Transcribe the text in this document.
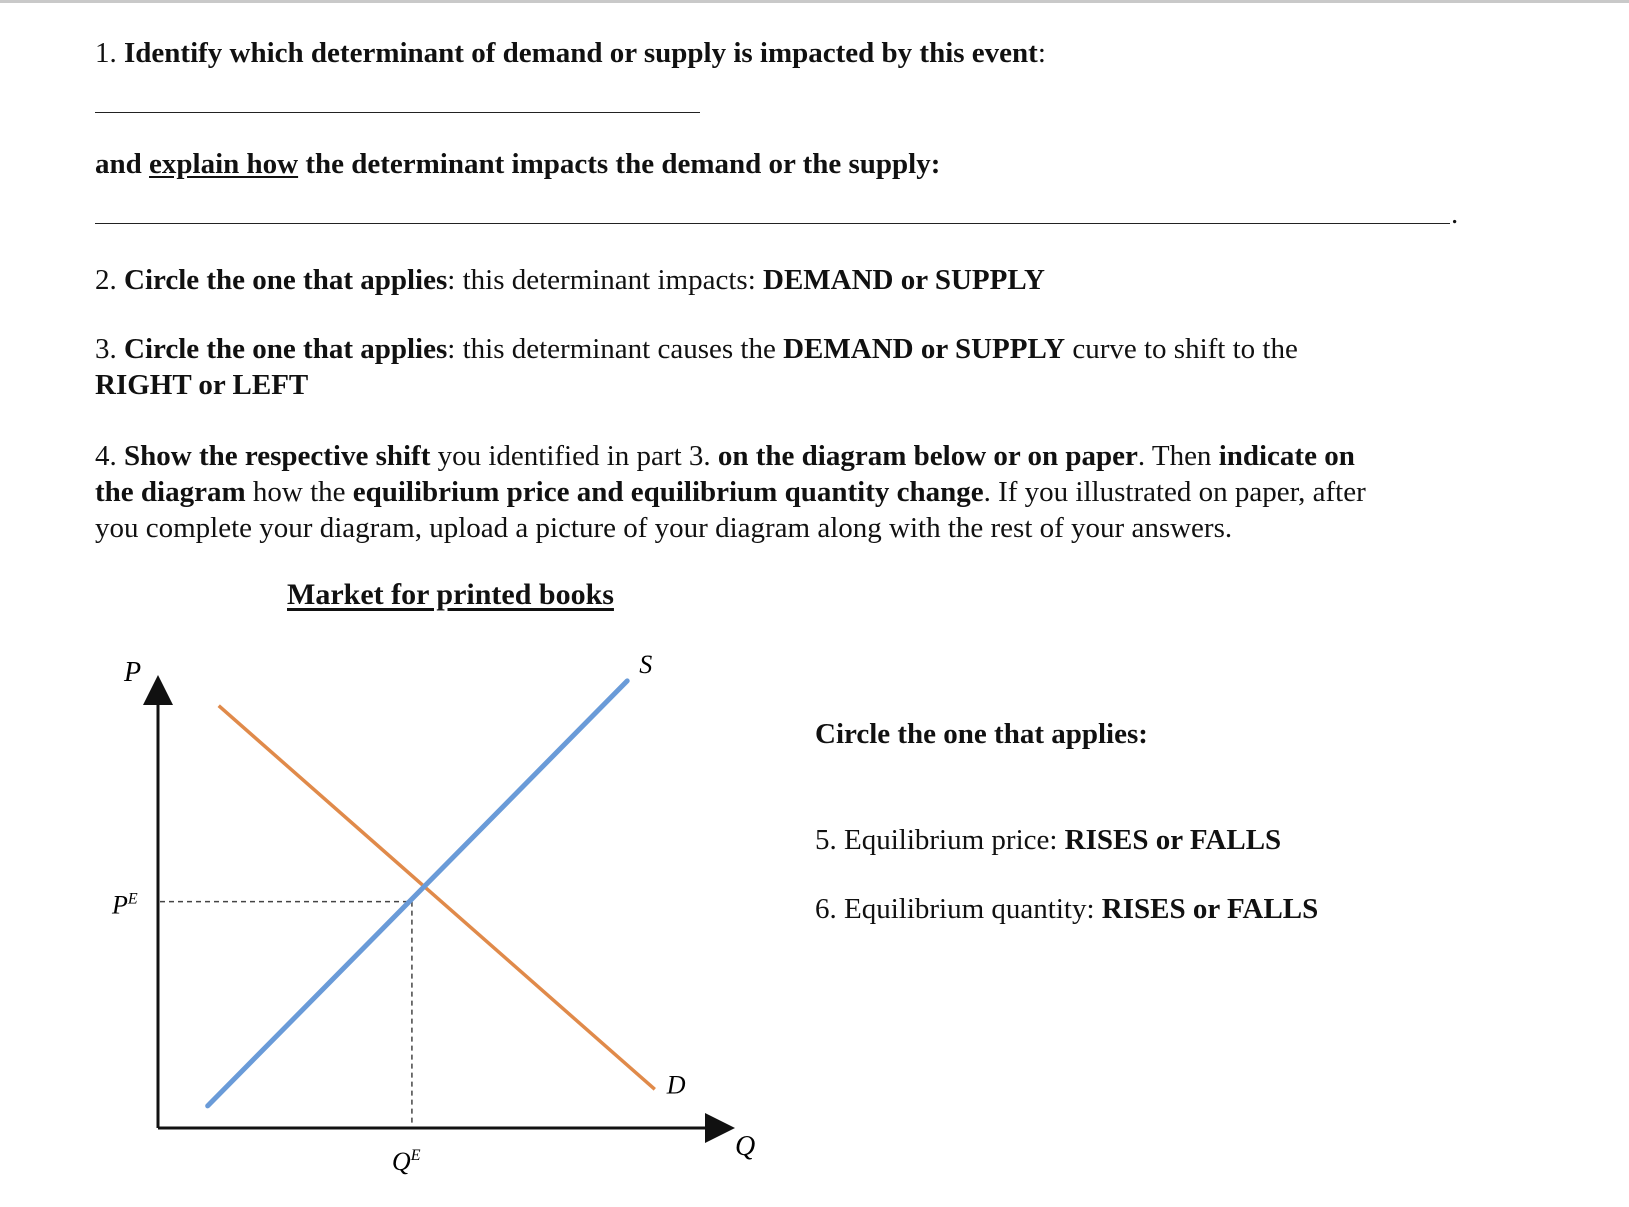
1. Identify which determinant of demand or supply is impacted by this event:
and explain how the determinant impacts the demand or the supply:
.
2. Circle the one that applies: this determinant impacts: DEMAND or SUPPLY
3. Circle the one that applies: this determinant causes the DEMAND or SUPPLY curve to shift to the
RIGHT or LEFT
4. Show the respective shift you identified in part 3. on the diagram below or on paper. Then indicate on
the diagram how the equilibrium price and equilibrium quantity change. If you illustrated on paper, after
you complete your diagram, upload a picture of your diagram along with the rest of your answers.
Market for printed books
P
Q
S
D
$P^E$
$Q^E$
Circle the one that applies:
5. Equilibrium price: RISES or FALLS
6. Equilibrium quantity: RISES or FALLS
